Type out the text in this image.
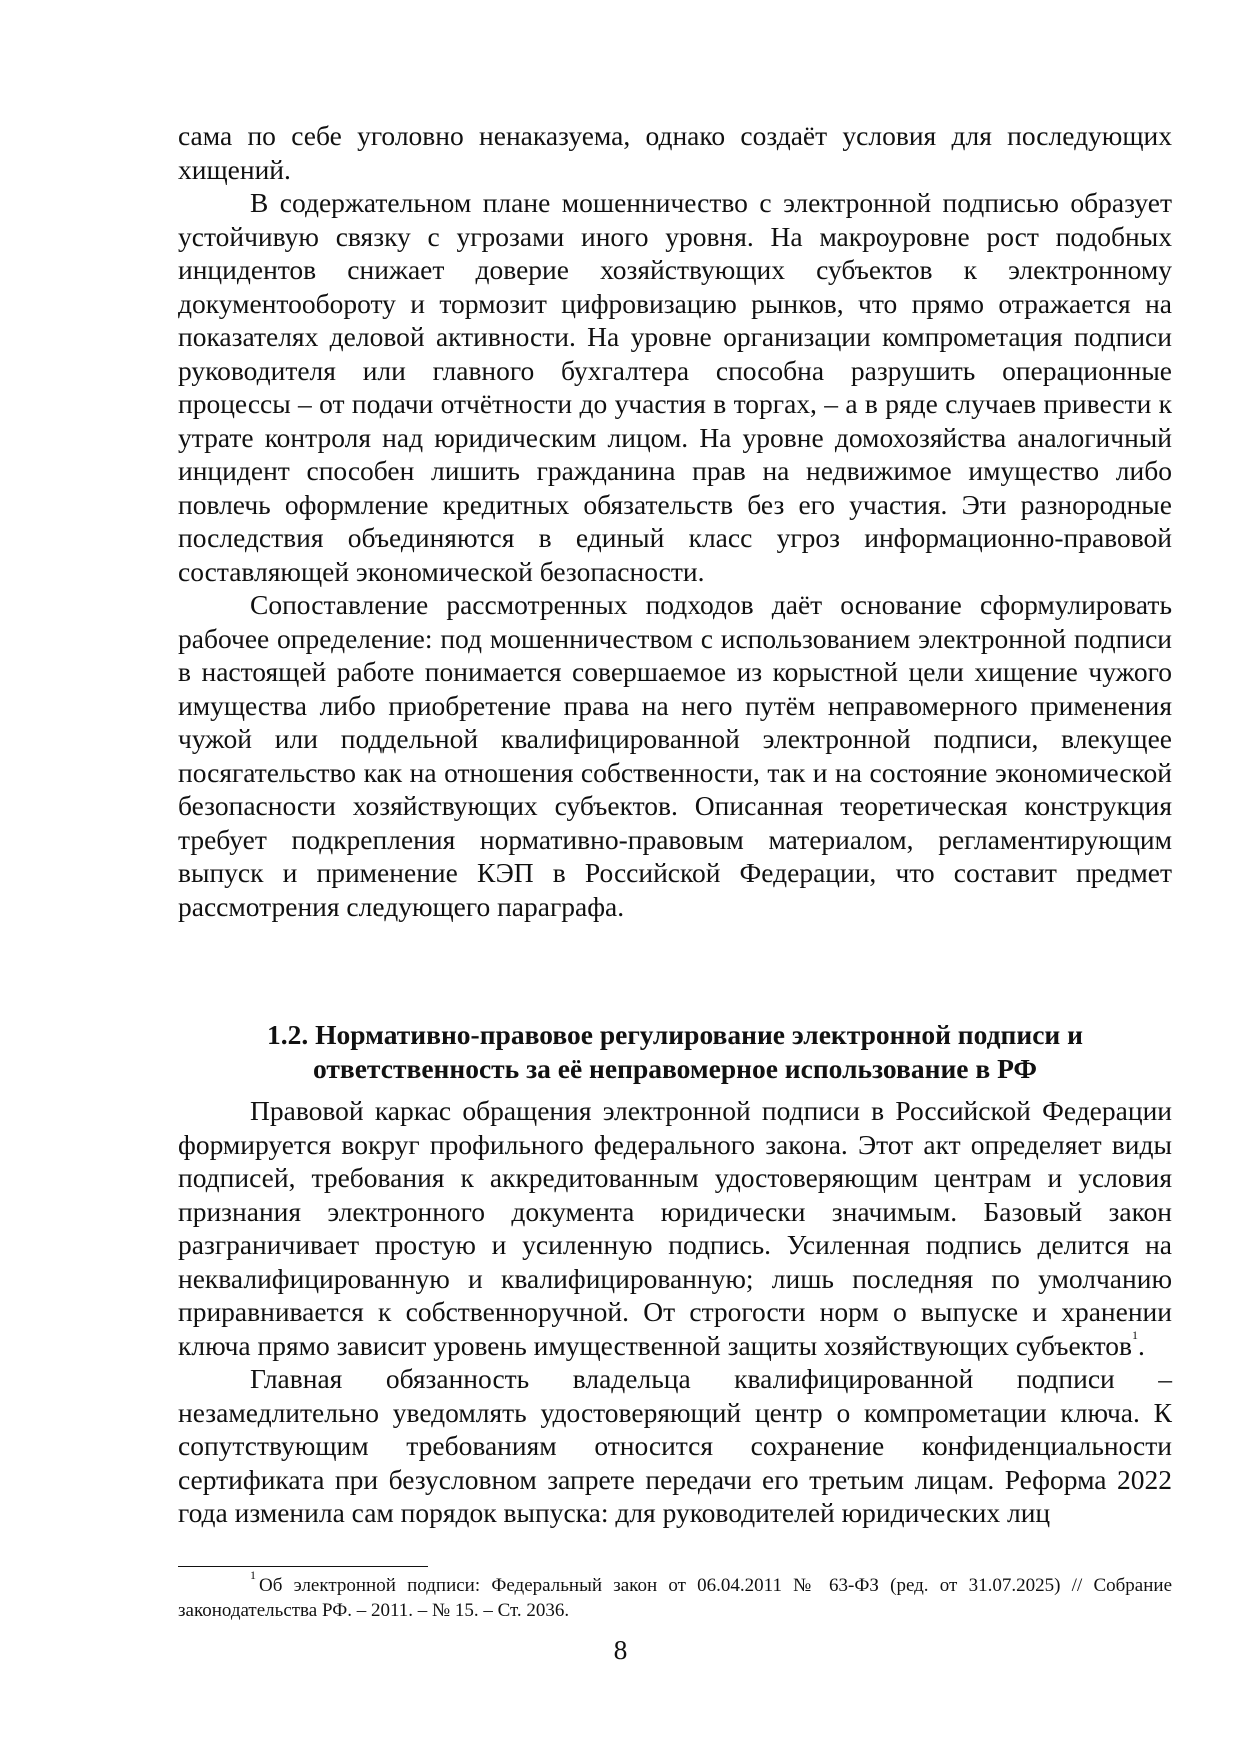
сама по себе уголовно ненаказуема, однако создаёт условия для последующих хищений.

В содержательном плане мошенничество с электронной подписью образует устойчивую связку с угрозами иного уровня. На макроуровне рост подобных инцидентов снижает доверие хозяйствующих субъектов к электронному документообороту и тормозит цифровизацию рынков, что прямо отражается на показателях деловой активности. На уровне организации компрометация подписи руководителя или главного бухгалтера способна разрушить операционные процессы – от подачи отчётности до участия в торгах, – а в ряде случаев привести к утрате контроля над юридическим лицом. На уровне домохозяйства аналогичный инцидент способен лишить гражданина прав на недвижимое имущество либо повлечь оформление кредитных обязательств без его участия. Эти разнородные последствия объединяются в единый класс угроз информационно-правовой составляющей экономической безопасности.

Сопоставление рассмотренных подходов даёт основание сформулировать рабочее определение: под мошенничеством с использованием электронной подписи в настоящей работе понимается совершаемое из корыстной цели хищение чужого имущества либо приобретение права на него путём неправомерного применения чужой или поддельной квалифицированной электронной подписи, влекущее посягательство как на отношения собственности, так и на состояние экономической безопасности хозяйствующих субъектов. Описанная теоретическая конструкция требует подкрепления нормативно-правовым материалом, регламентирующим выпуск и применение КЭП в Российской Федерации, что составит предмет рассмотрения следующего параграфа.

1.2. Нормативно-правовое регулирование электронной подписи и
ответственность за её неправомерное использование в РФ

Правовой каркас обращения электронной подписи в Российской Федерации формируется вокруг профильного федерального закона. Этот акт определяет виды подписей, требования к аккредитованным удостоверяющим центрам и условия признания электронного документа юридически значимым. Базовый закон разграничивает простую и усиленную подпись. Усиленная подпись делится на неквалифицированную и квалифицированную; лишь последняя по умолчанию приравнивается к собственноручной. От строгости норм о выпуске и хранении ключа прямо зависит уровень имущественной защиты хозяйствующих субъектов$^1$.

Главная обязанность владельца квалифицированной подписи – незамедлительно уведомлять удостоверяющий центр о компрометации ключа. К сопутствующим требованиям относится сохранение конфиденциальности сертификата при безусловном запрете передачи его третьим лицам. Реформа 2022 года изменила сам порядок выпуска: для руководителей юридических лиц

$^1$ Об электронной подписи: Федеральный закон от 06.04.2011 № 63-ФЗ (ред. от 31.07.2025) // Собрание законодательства РФ. – 2011. – № 15. – Ст. 2036.

8
